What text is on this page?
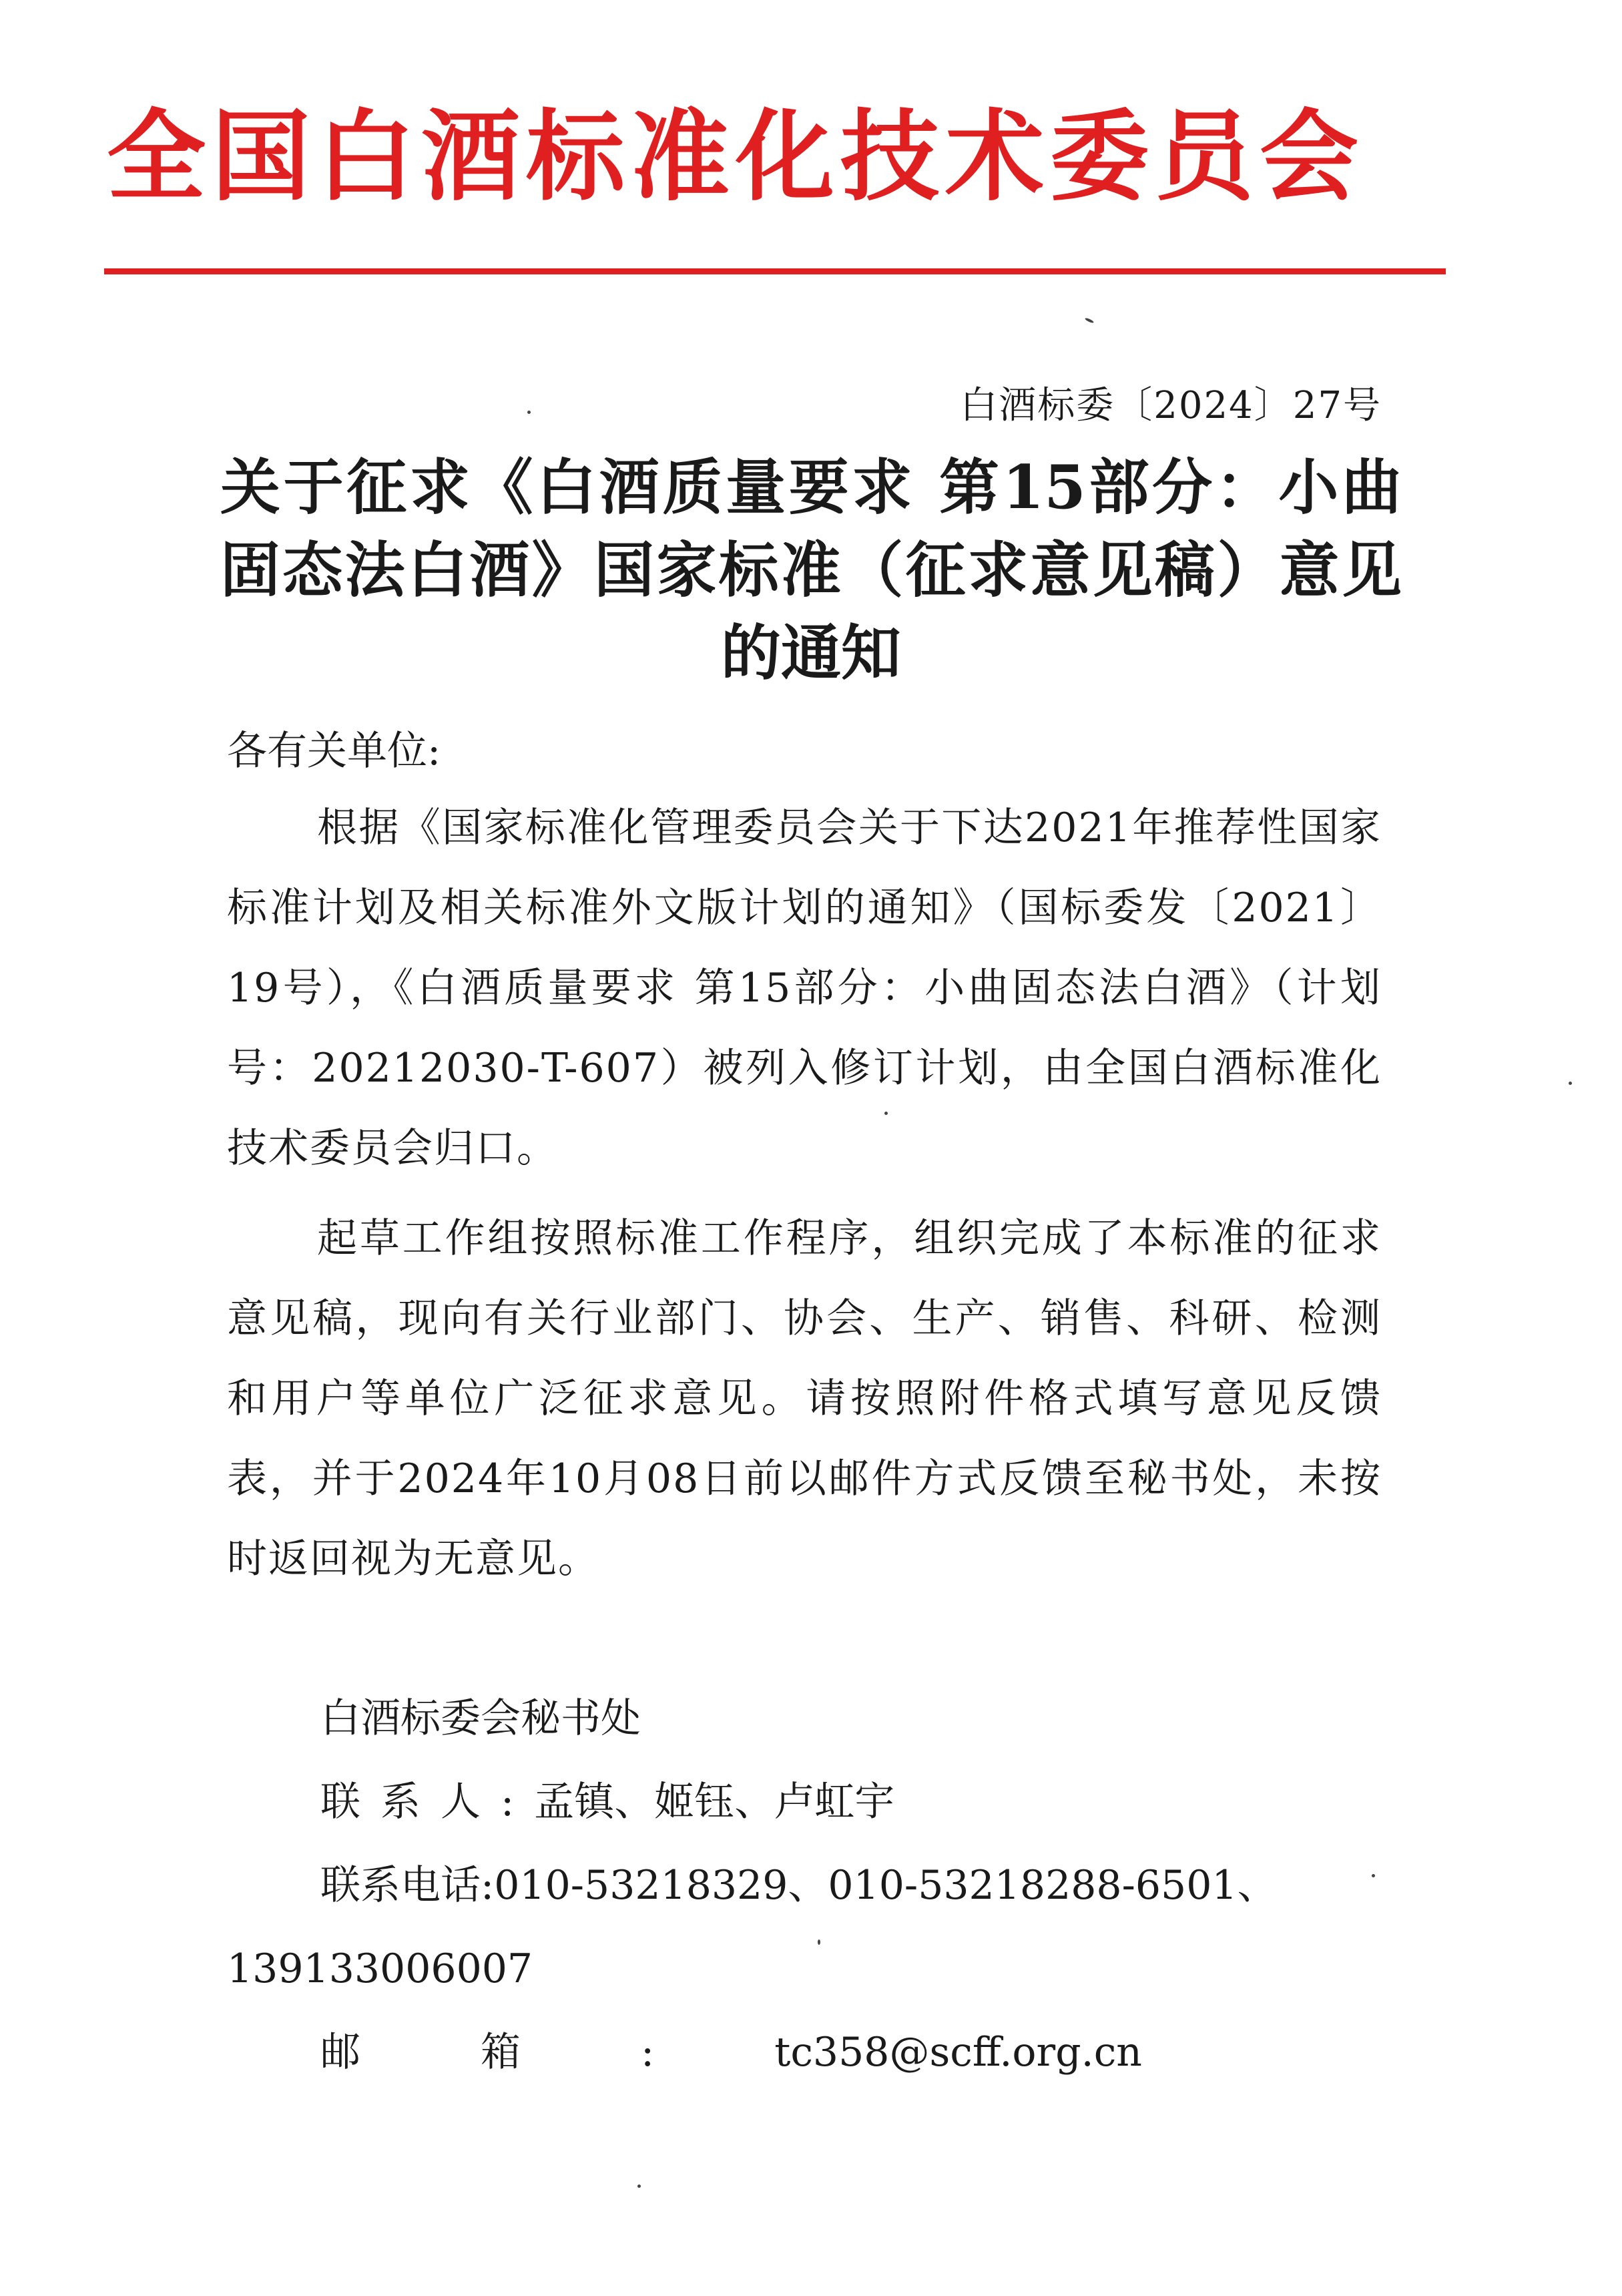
全国白酒标准化技术委员会
白酒标委〔2024〕27号
关于征求《白酒质量要求 第15部分：小曲固态法白酒》国家标准（征求意见稿）意见的通知
各有关单位:
根据《国家标准化管理委员会关于下达2021年推荐性国家标准计划及相关标准外文版计划的通知》（国标委发〔2021〕19号），《白酒质量要求 第15部分：小曲固态法白酒》（计划号：20212030-T-607）被列入修订计划，由全国白酒标准化技术委员会归口。
起草工作组按照标准工作程序，组织完成了本标准的征求意见稿，现向有关行业部门、协会、生产、销售、科研、检测和用户等单位广泛征求意见。请按照附件格式填写意见反馈表，并于2024年10月08日前以邮件方式反馈至秘书处，未按时返回视为无意见。
白酒标委会秘书处
联系人:孟镇、姬钰、卢虹宇
联系电话:010-53218329、010-53218288-6501、
139133006007
邮箱:tc358@scff.org.cn
